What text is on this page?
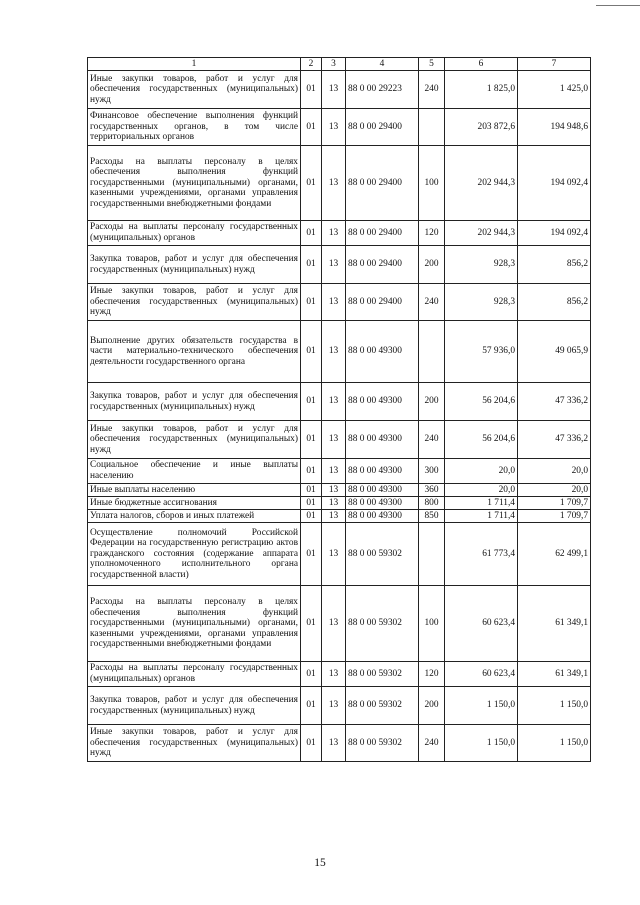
1	2	3	4	5	6	7
Иные закупки товаров, работ и услуг для обеспечения государственных (муниципальных) нужд	01	13	88 0 00 29223	240	1 825,0	1 425,0
Финансовое обеспечение выполнения функций государственных органов, в том числе территориальных органов	01	13	88 0 00 29400		203 872,6	194 948,6
Расходы на выплаты персоналу в целях обеспечения выполнения функций государственными (муниципальными) органами, казенными учреждениями, органами управления государственными внебюджетными фондами	01	13	88 0 00 29400	100	202 944,3	194 092,4
Расходы на выплаты персоналу государственных (муниципальных) органов	01	13	88 0 00 29400	120	202 944,3	194 092,4
Закупка товаров, работ и услуг для обеспечения государственных (муниципальных) нужд	01	13	88 0 00 29400	200	928,3	856,2
Иные закупки товаров, работ и услуг для обеспечения государственных (муниципальных) нужд	01	13	88 0 00 29400	240	928,3	856,2
Выполнение других обязательств государства в части материально-технического обеспечения деятельности государственного органа	01	13	88 0 00 49300		57 936,0	49 065,9
Закупка товаров, работ и услуг для обеспечения государственных (муниципальных) нужд	01	13	88 0 00 49300	200	56 204,6	47 336,2
Иные закупки товаров, работ и услуг для обеспечения государственных (муниципальных) нужд	01	13	88 0 00 49300	240	56 204,6	47 336,2
Социальное обеспечение и иные выплаты населению	01	13	88 0 00 49300	300	20,0	20,0
Иные выплаты населению	01	13	88 0 00 49300	360	20,0	20,0
Иные бюджетные ассигнования	01	13	88 0 00 49300	800	1 711,4	1 709,7
Уплата налогов, сборов и иных платежей	01	13	88 0 00 49300	850	1 711,4	1 709,7
Осуществление полномочий Российской Федерации на государственную регистрацию актов гражданского состояния (содержание аппарата уполномоченного исполнительного органа государственной власти)	01	13	88 0 00 59302		61 773,4	62 499,1
Расходы на выплаты персоналу в целях обеспечения выполнения функций государственными (муниципальными) органами, казенными учреждениями, органами управления государственными внебюджетными фондами	01	13	88 0 00 59302	100	60 623,4	61 349,1
Расходы на выплаты персоналу государственных (муниципальных) органов	01	13	88 0 00 59302	120	60 623,4	61 349,1
Закупка товаров, работ и услуг для обеспечения государственных (муниципальных) нужд	01	13	88 0 00 59302	200	1 150,0	1 150,0
Иные закупки товаров, работ и услуг для обеспечения государственных (муниципальных) нужд	01	13	88 0 00 59302	240	1 150,0	1 150,0
15
